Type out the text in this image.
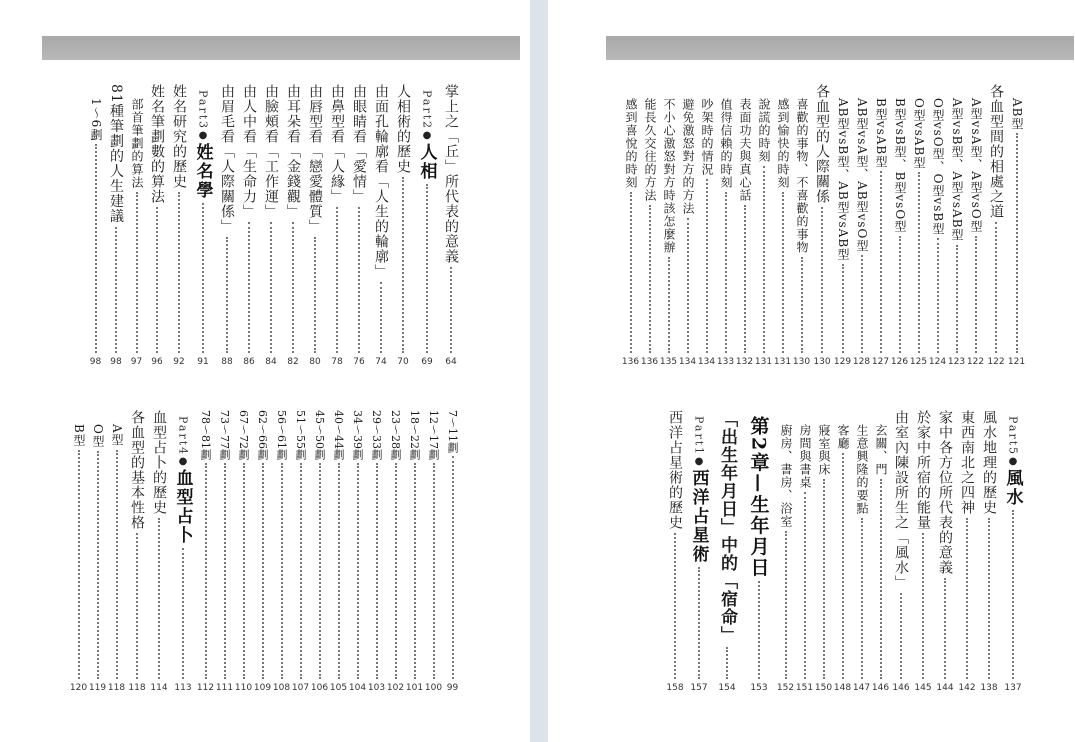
掌上之「丘」所代表的意義
64
Part
2
●
人相
69
人相術的歷史
70
由面孔輪廓看「人生的輪廓」
74
由眼睛看「愛情」
76
由鼻型看「人緣」
78
由唇型看「戀愛體質」
80
由耳朵看「金錢觀」
82
由臉頰看「工作運」
84
由人中看「生命力」
86
由眉毛看「人際關係」
88
Part
3
●
姓名學
91
姓名研究的歷史
92
姓名筆劃數的算法
96
部首筆劃的算法
97
81種筆劃的人生建議
98
1～6劃
98
7～11劃
99
12～17劃
100
18～22劃
101
23～28劃
102
29～33劃
103
34～39劃
104
40～44劃
105
45～50劃
106
51～55劃
107
56～61劃
108
62～66劃
109
67～72劃
110
73～77劃
111
78～81劃
112
Part
4
●
血型占卜
113
血型占卜的歷史
114
各血型的基本性格
118
A型
118
O型
119
B型
120
AB型
121
各血型間的相處之道
122
A型vsA型、A型vsO型
122
A型vsB型、A型vsAB型
123
O型vsO型、O型vsB型
124
O型vsAB型
125
B型vsB型、B型vsO型
126
B型vsAB型
127
AB型vsA型、AB型vsO型
128
AB型vsB型、AB型vsAB型
129
各血型的人際關係
130
喜歡的事物、不喜歡的事物
130
感到愉快的時刻
131
說謊的時刻
131
表面功夫與真心話
132
值得信賴的時刻
133
吵架時的情況
134
避免激怒對方的方法
134
不小心激怒對方時該怎麼辦
135
能長久交往的方法
136
感到喜悅的時刻
136
Part
5
●
風水
137
風水地理的歷史
138
東西南北之四神
142
家中各方位所代表的意義
144
於家中所宿的能量
145
由室內陳設所生之「風水」
146
玄關、門
146
生意興隆的要點
147
客廳
148
寢室與床
150
房間與書桌
151
廚房、書房、浴室
152
第2章—生年月日
153
「出生年月日」中的「宿命」
154
Part
1
●
西洋占星術
157
西洋占星術的歷史
158
